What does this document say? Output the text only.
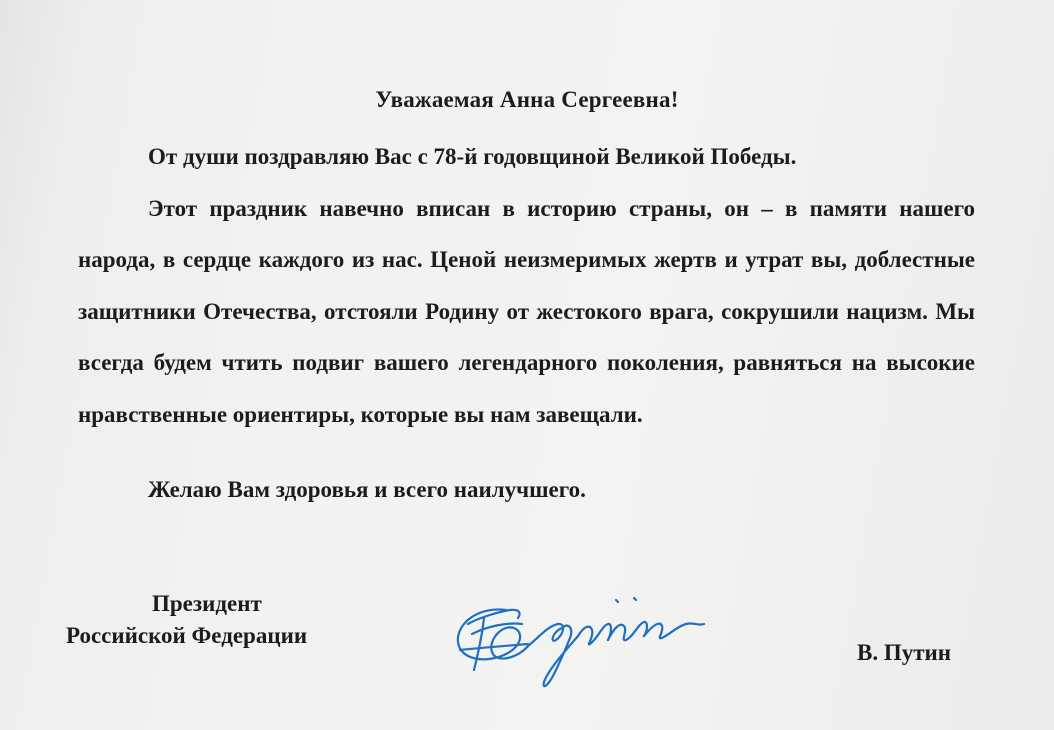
Уважаемая Анна Сергеевна!

От души поздравляю Вас с 78-й годовщиной Великой Победы.

Этот праздник навечно вписан в историю страны, он – в памяти нашего народа, в сердце каждого из нас. Ценой неизмеримых жертв и утрат вы, доблестные защитники Отечества, отстояли Родину от жестокого врага, сокрушили нацизм. Мы всегда будем чтить подвиг вашего легендарного поколения, равняться на высокие нравственные ориентиры, которые вы нам завещали.

Желаю Вам здоровья и всего наилучшего.
Президент
Российской Федерации
В. Путин
